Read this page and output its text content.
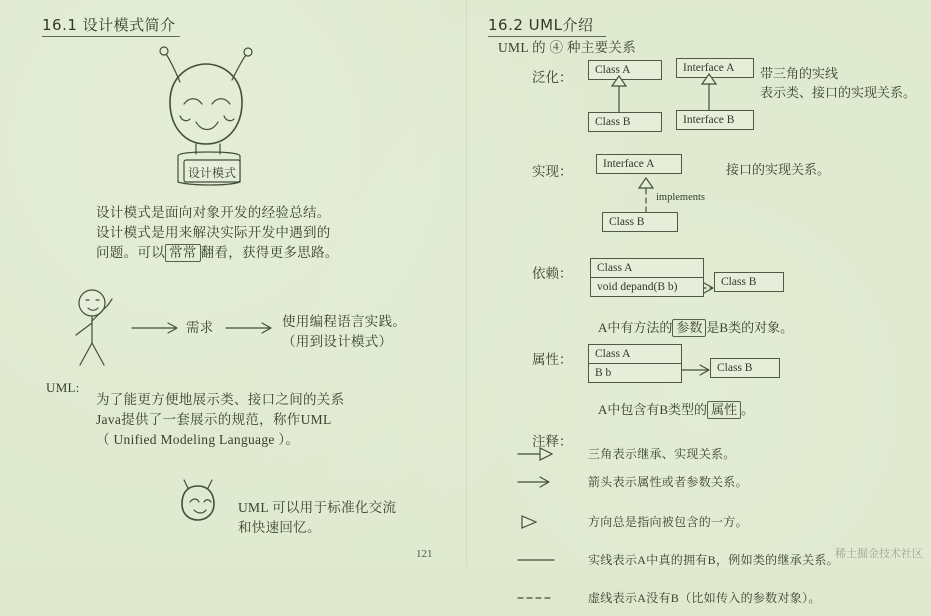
16.1 设计模式简介
设计模式
设计模式是面向对象开发的经验总结。
设计模式是用来解决实际开发中遇到的
问题。可以 常常 翻看，获得更多思路。
需求	使用编程语言实践。
（用到设计模式）
UML:
为了能更方便地展示类、接口之间的关系
Java提供了一套展示的规范，称作UML
（ Unified Modeling Language ）。
UML 可以用于标准化交流
和快速回忆。
121
16.2 UML介绍
UML 的 ④ 种主要关系
泛化：	Class A
Class B
Interface A
Interface B
带三角的实线
表示类、接口的实现关系。
实现：	Interface A
Class B
implements
接口的实现关系。
依赖：	Class A
void depand(B b)	Class B
A中有方法的 参数 是B类的对象。
属性：	Class A
B b	Class B
A中包含有B类型的 属性 。
注释：
三角表示继承、实现关系。
箭头表示属性或者参数关系。
方向总是指向被包含的一方。
实线表示A中真的拥有B，例如类的继承关系。
虚线表示A没有B（比如传入的参数对象）。
稀土掘金技术社区
